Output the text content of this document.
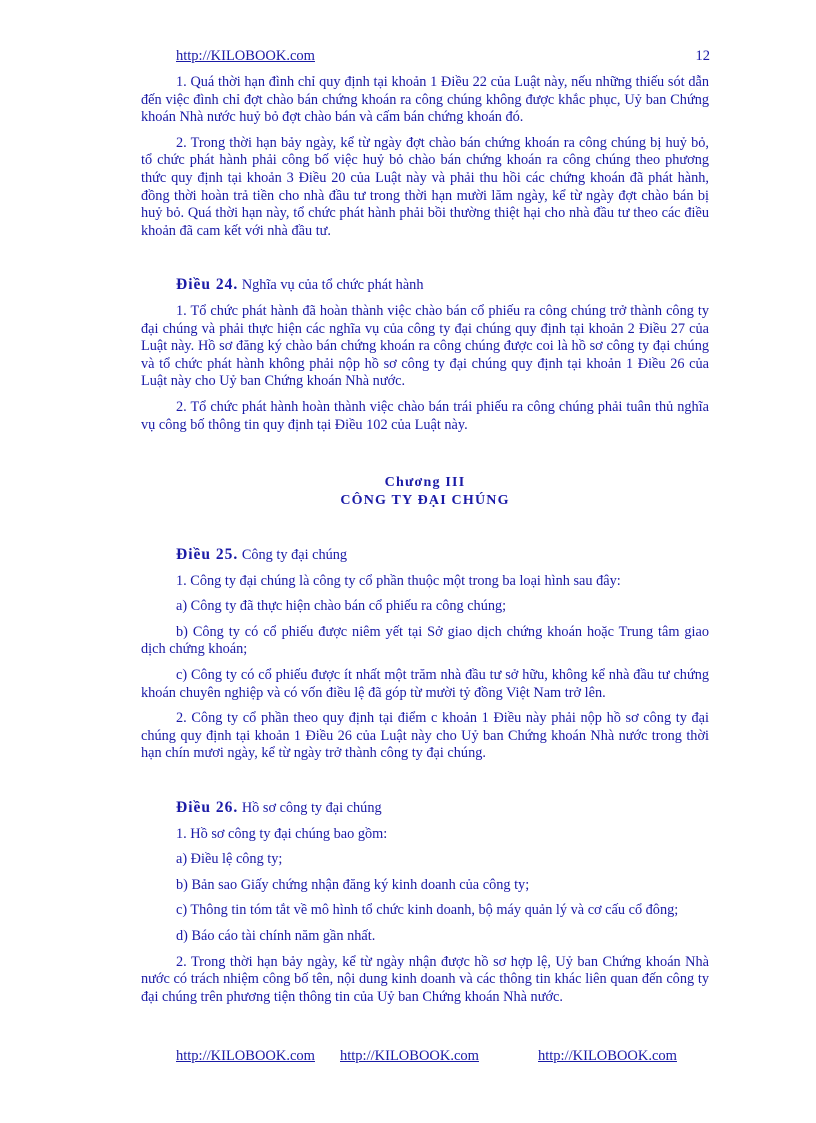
http://KILOBOOK.com	12

1. Quá thời hạn đình chỉ quy định tại khoản 1 Điều 22 của Luật này, nếu những thiếu sót dẫn đến việc đình chỉ đợt chào bán chứng khoán ra công chúng không được khắc phục, Uỷ ban Chứng khoán Nhà nước huỷ bỏ đợt chào bán và cấm bán chứng khoán đó.

2. Trong thời hạn bảy ngày, kể từ ngày đợt chào bán chứng khoán ra công chúng bị huỷ bỏ, tổ chức phát hành phải công bố việc huỷ bỏ chào bán chứng khoán ra công chúng theo phương thức quy định tại khoản 3 Điều 20 của Luật này và phải thu hồi các chứng khoán đã phát hành, đồng thời hoàn trả tiền cho nhà đầu tư trong thời hạn mười lăm ngày, kể từ ngày đợt chào bán bị huỷ bỏ. Quá thời hạn này, tổ chức phát hành phải bồi thường thiệt hại cho nhà đầu tư theo các điều khoản đã cam kết với nhà đầu tư.

Điều 24. Nghĩa vụ của tổ chức phát hành

1. Tổ chức phát hành đã hoàn thành việc chào bán cổ phiếu ra công chúng trở thành công ty đại chúng và phải thực hiện các nghĩa vụ của công ty đại chúng quy định tại khoản 2 Điều 27 của Luật này. Hồ sơ đăng ký chào bán chứng khoán ra công chúng được coi là hồ sơ công ty đại chúng và tổ chức phát hành không phải nộp hồ sơ công ty đại chúng quy định tại khoản 1 Điều 26 của Luật này cho Uỷ ban Chứng khoán Nhà nước.

2. Tổ chức phát hành hoàn thành việc chào bán trái phiếu ra công chúng phải tuân thủ nghĩa vụ công bố thông tin quy định tại Điều 102 của Luật này.

Chương III
CÔNG TY ĐẠI CHÚNG
Điều 25. Công ty đại chúng

1. Công ty đại chúng là công ty cổ phần thuộc một trong ba loại hình sau đây:

a) Công ty đã thực hiện chào bán cổ phiếu ra công chúng;

b) Công ty có cổ phiếu được niêm yết tại Sở giao dịch chứng khoán hoặc Trung tâm giao dịch chứng khoán;

c) Công ty có cổ phiếu được ít nhất một trăm nhà đầu tư sở hữu, không kể nhà đầu tư chứng khoán chuyên nghiệp và có vốn điều lệ đã góp từ mười tỷ đồng Việt Nam trở lên.

2. Công ty cổ phần theo quy định tại điểm c khoản 1 Điều này phải nộp hồ sơ công ty đại chúng quy định tại khoản 1 Điều 26 của Luật này cho Uỷ ban Chứng khoán Nhà nước trong thời hạn chín mươi ngày, kể từ ngày trở thành công ty đại chúng.

Điều 26. Hồ sơ công ty đại chúng

1. Hồ sơ công ty đại chúng bao gồm:

a) Điều lệ công ty;

b) Bản sao Giấy chứng nhận đăng ký kinh doanh của công ty;

c) Thông tin tóm tắt về mô hình tổ chức kinh doanh, bộ máy quản lý và cơ cấu cổ đông;

d) Báo cáo tài chính năm gần nhất.

2. Trong thời hạn bảy ngày, kể từ ngày nhận được hồ sơ hợp lệ, Uỷ ban Chứng khoán Nhà nước có trách nhiệm công bố tên, nội dung kinh doanh và các thông tin khác liên quan đến công ty đại chúng trên phương tiện thông tin của Uỷ ban Chứng khoán Nhà nước.

http://KILOBOOK.com http://KILOBOOK.com	http://KILOBOOK.com
